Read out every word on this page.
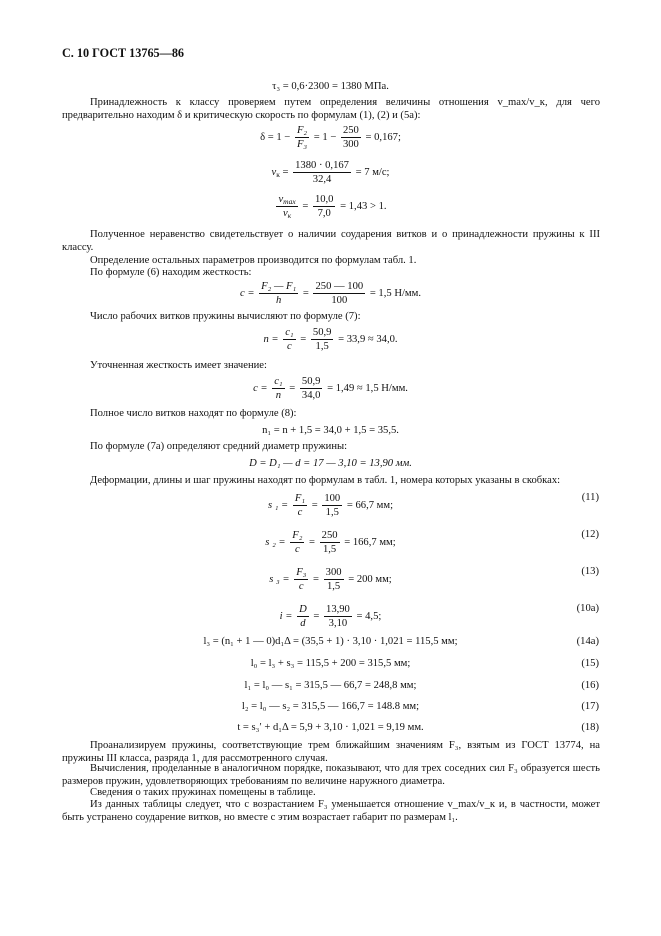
С. 10 ГОСТ 13765—86
τ₃ = 0,6·2300 = 1380 МПа.
Принадлежность к классу проверяем путем определения величины отношения v_max/v_к, для чего предварительно находим δ и критическую скорость по формулам (1), (2) и (5а):
$\delta = 1 - \frac{\text{F₂}}{\text{F₃}} = 1 - \frac{250}{300} = 0,167$;
$v_к = \frac{1380 \cdot 0,167}{32,4} = 7$ м/с;
$\frac{v_{max}}{v_к} = \frac{10,0}{7,0} = 1,43 > 1$.
Полученное неравенство свидетельствует о наличии соударения витков и о принадлежности пружины к III классу.
Определение остальных параметров производится по формулам табл. 1.
По формуле (6) находим жесткость:
$c = \frac{\text{F₂ — F₁}}{h} = \frac{250 — 100}{100} = 1,5$ Н/мм.
Число рабочих витков пружины вычисляют по формуле (7):
$n = \frac{\text{c₁}}{c} = \frac{50,9}{1,5} = 33,9 \approx 34,0$.
Уточненная жесткость имеет значение:
$c = \frac{\text{c₁}}{n} = \frac{50,9}{34,0} = 1,49 \approx 1,5$ Н/мм.
Полное число витков находят по формуле (8):
n₁ = n + 1,5 = 34,0 + 1,5 = 35,5.
По формуле (7а) определяют средний диаметр пружины:
D = D₁ — d = 17 — 3,10 = 13,90 мм.
Деформации, длины и шаг пружины находят по формулам в табл. 1, номера которых указаны в скобках:
s $_1 = \frac{\text{F₁}}{c} = \frac{100}{1,5} = 66,7$ мм;
(11)
s $_2 = \frac{\text{F₂}}{c} = \frac{250}{1,5} = 166,7$ мм;
(12)
s $_3 = \frac{\text{F₃}}{c} = \frac{300}{1,5} = 200$ мм;
(13)
$i = \frac{D}{d} = \frac{13,90}{3,10} = 4,5$;
(10а)
l₃ = (n₁ + 1 — 0)d₁Δ = (35,5 + 1) · 3,10 · 1,021 = 115,5 мм;	(14а)
l₀ = l₃ + s₃ = 115,5 + 200 = 315,5 мм;	(15)
l₁ = l₀ — s₁ = 315,5 — 66,7 = 248,8 мм;	(16)
l₂ = l₀ — s₂ = 315,5 — 166,7 = 148.8 мм;	(17)
t = s₃′ + d₁Δ = 5,9 + 3,10 · 1,021 = 9,19 мм.	(18)
Проанализируем пружины, соответствующие трем ближайшим значениям F₃, взятым из ГОСТ 13774, на пружины III класса, разряда 1, для рассмотренного случая.
Вычисления, проделанные в аналогичном порядке, показывают, что для трех соседних сил F₃ образуется шесть размеров пружин, удовлетворяющих требованиям по величине наружного диаметра.
Сведения о таких пружинах помещены в таблице.
Из данных таблицы следует, что с возрастанием F₃ уменьшается отношение v_max/v_к и, в частности, может быть устранено соударение витков, но вместе с этим возрастает габарит по размерам l₁.
